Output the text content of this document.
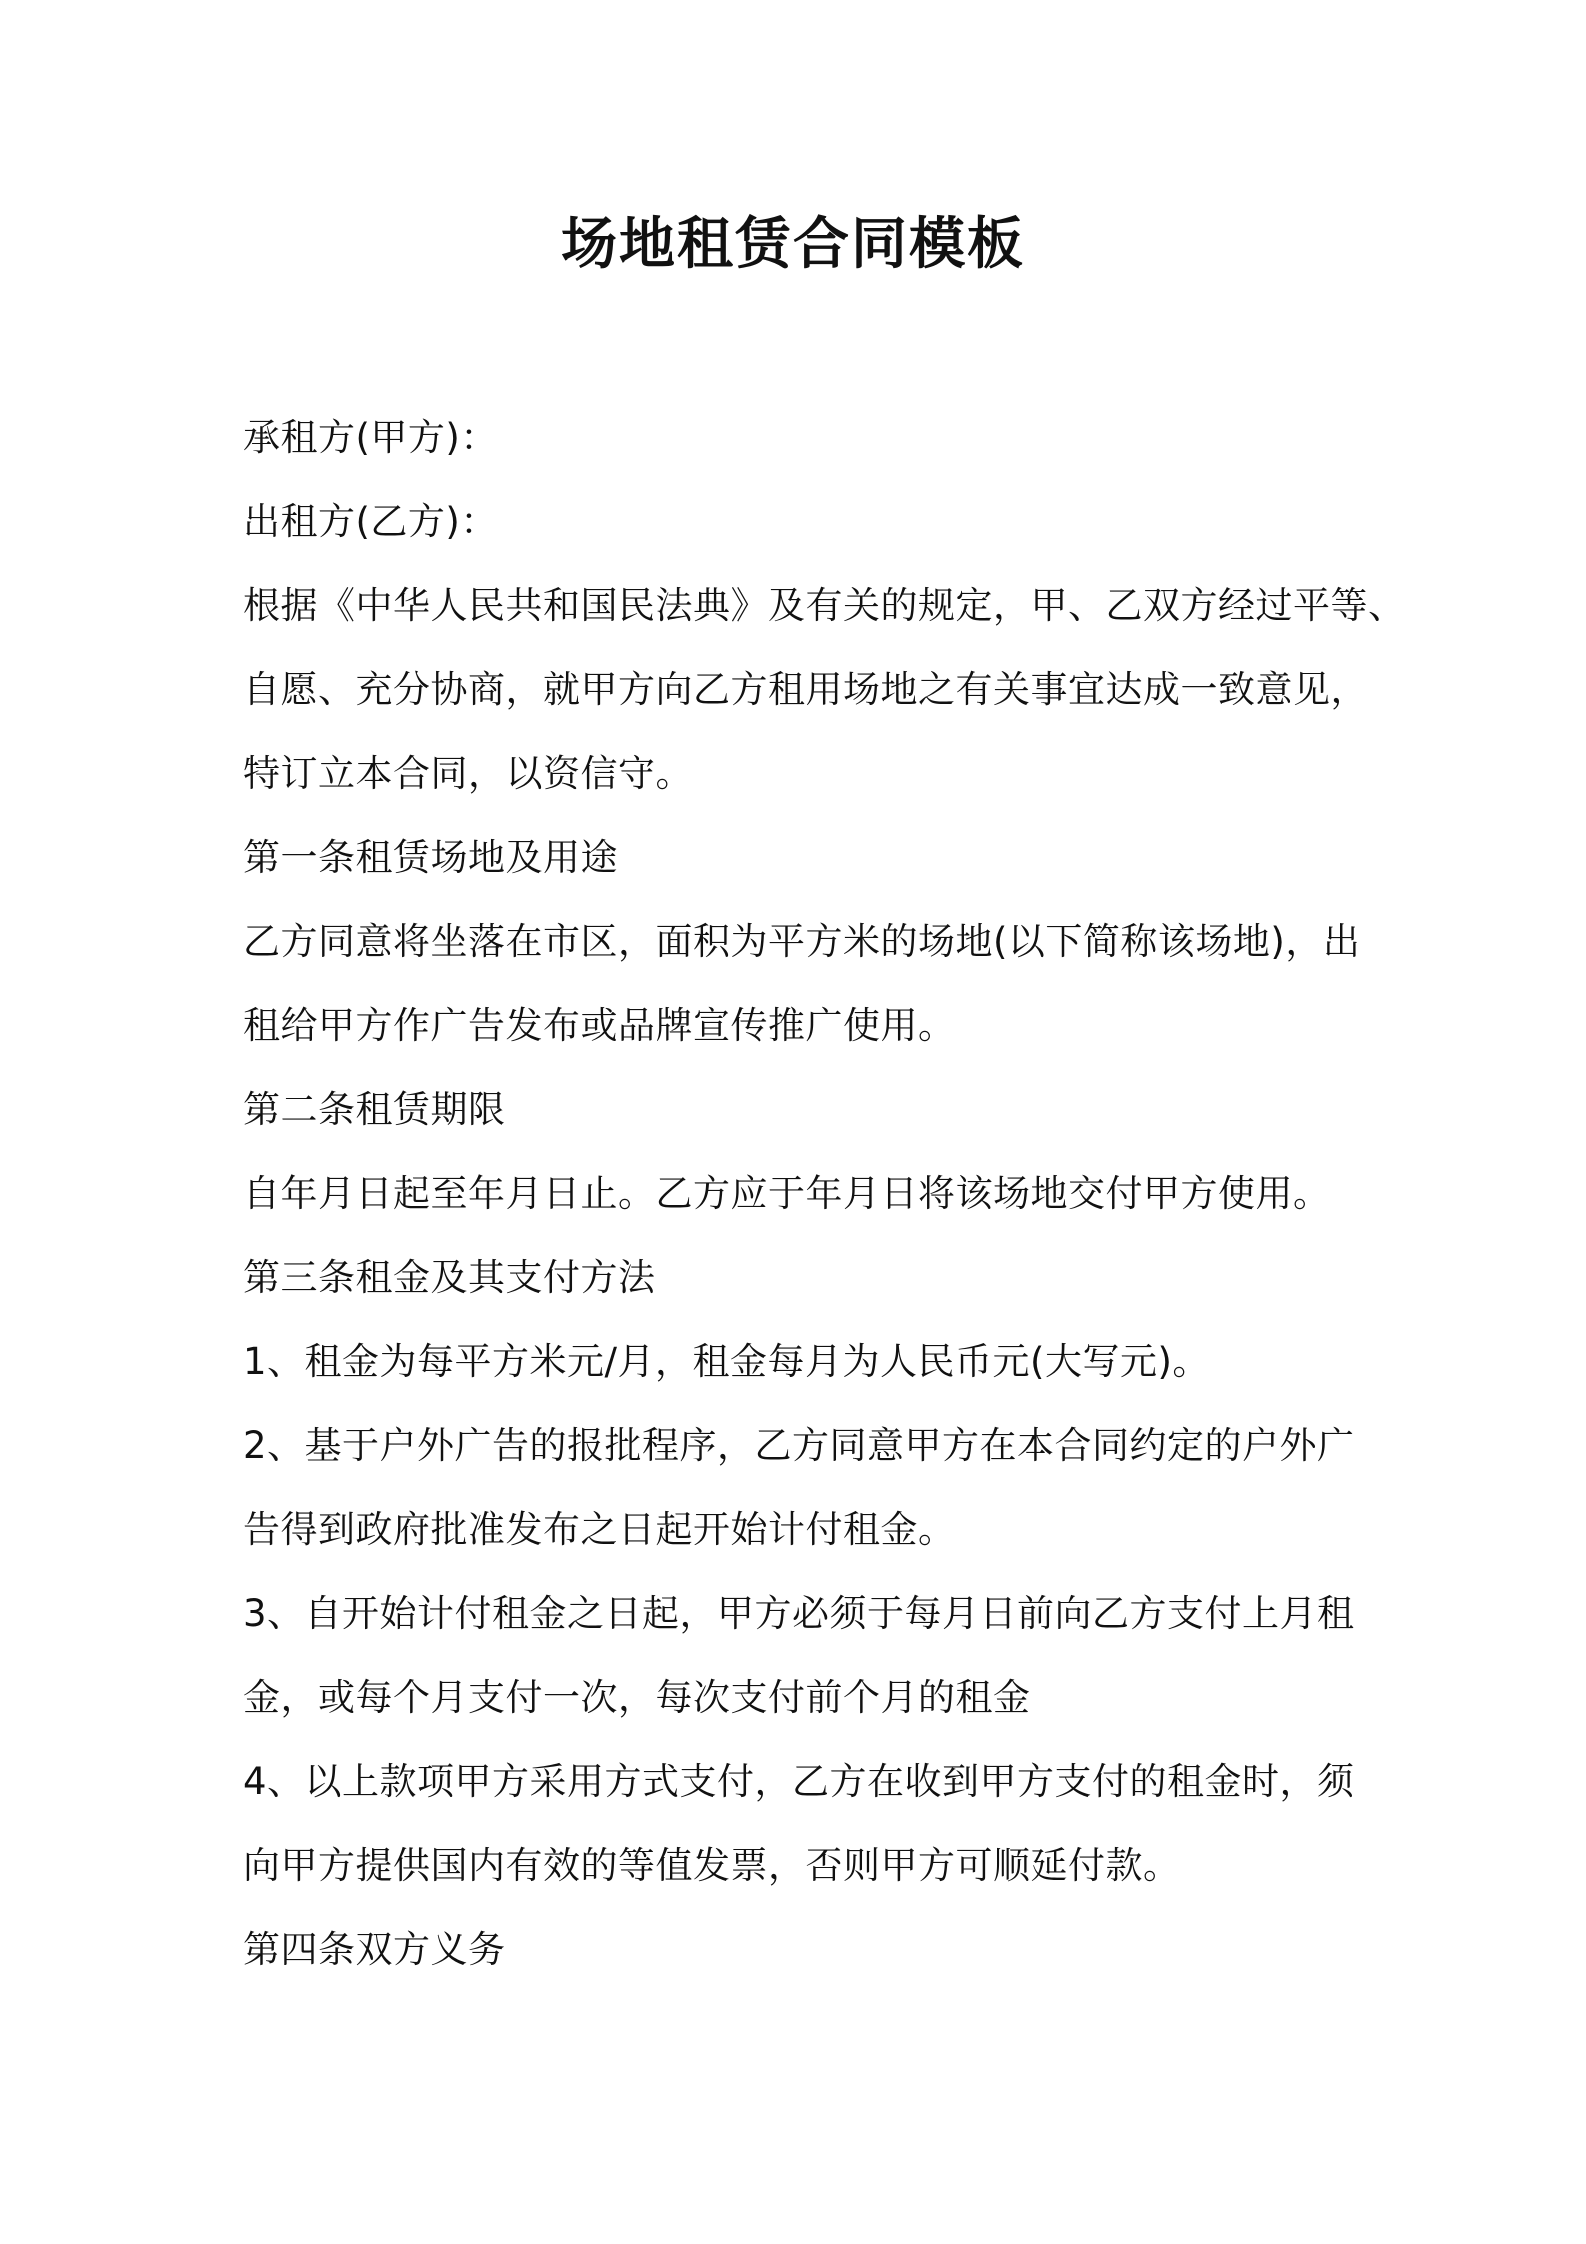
场地租赁合同模板
承租方(甲方)：
出租方(乙方)：
根据《中华人民共和国民法典》及有关的规定，甲、乙双方经过平等、
自愿、充分协商，就甲方向乙方租用场地之有关事宜达成一致意见，
特订立本合同，以资信守。
第一条租赁场地及用途
乙方同意将坐落在市区，面积为平方米的场地(以下简称该场地)，出
租给甲方作广告发布或品牌宣传推广使用。
第二条租赁期限
自年月日起至年月日止。乙方应于年月日将该场地交付甲方使用。
第三条租金及其支付方法
1、租金为每平方米元/月，租金每月为人民币元(大写元)。
2、基于户外广告的报批程序，乙方同意甲方在本合同约定的户外广
告得到政府批准发布之日起开始计付租金。
3、自开始计付租金之日起，甲方必须于每月日前向乙方支付上月租
金，或每个月支付一次，每次支付前个月的租金
4、以上款项甲方采用方式支付，乙方在收到甲方支付的租金时，须
向甲方提供国内有效的等值发票，否则甲方可顺延付款。
第四条双方义务
